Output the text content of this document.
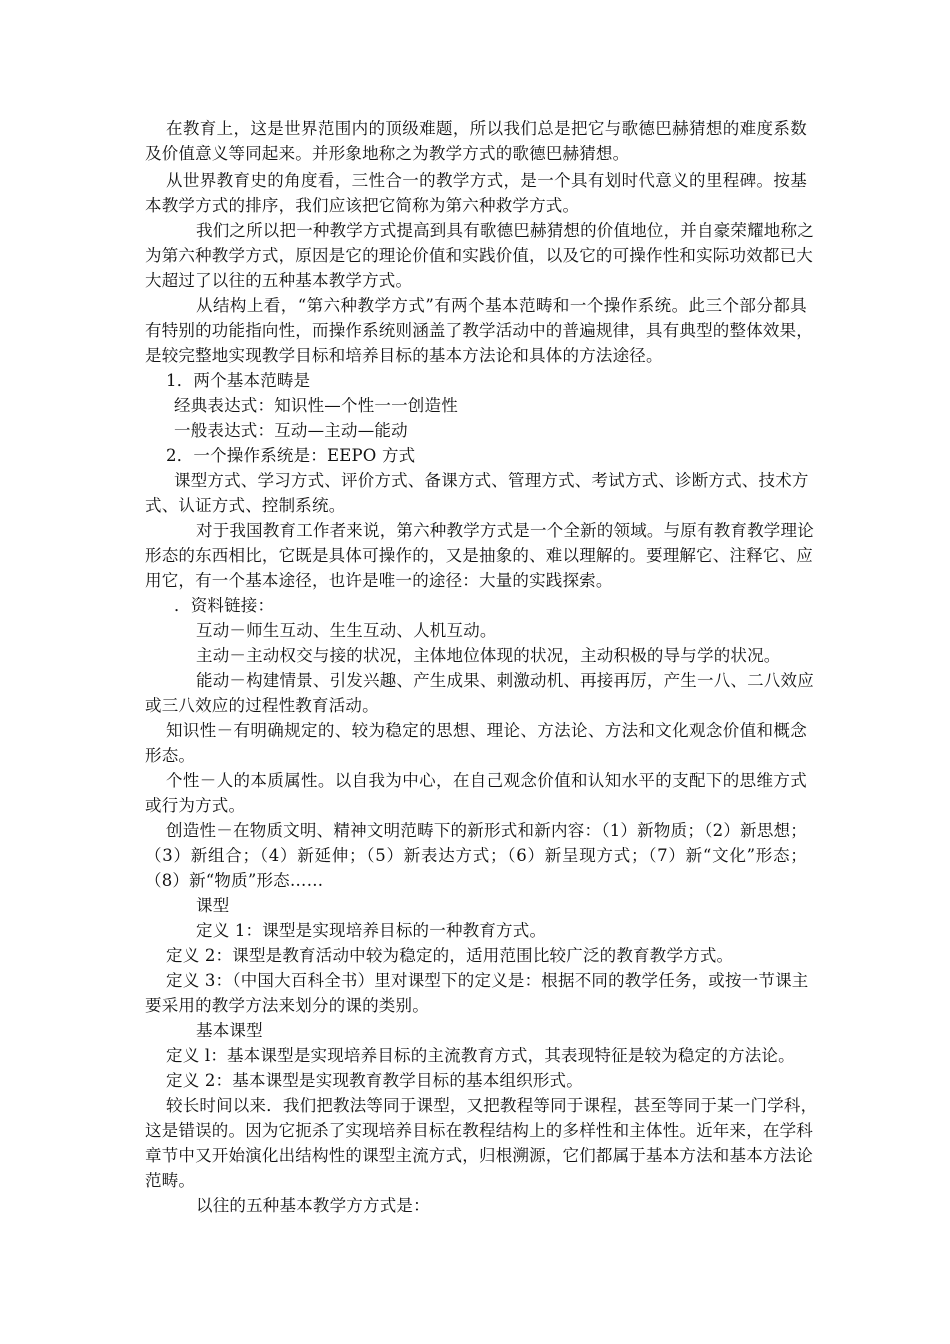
在教育上，这是世界范围内的顶级难题，所以我们总是把它与歌德巴赫猜想的难度系数
及价值意义等同起来。并形象地称之为教学方式的歌德巴赫猜想。
从世界教育史的角度看，三性合一的教学方式，是一个具有划时代意义的里程碑。按基
本教学方式的排序，我们应该把它简称为第六种救学方式。
我们之所以把一种教学方式提高到具有歌德巴赫猜想的价值地位，并自豪荣耀地称之
为第六种教学方式，原因是它的理论价值和实践价值，以及它的可操作性和实际功效都已大
大超过了以往的五种基本教学方式。
从结构上看，“第六种教学方式”有两个基本范畴和一个操作系统。此三个部分都具
有特别的功能指向性，而操作系统则涵盖了教学活动中的普遍规律，具有典型的整体效果，
是较完整地实现教学目标和培养目标的基本方法论和具体的方法途径。
1．两个基本范畴是
经典表达式：知识性—个性一一创造性
一般表达式：互动—主动—能动
2．一个操作系统是：EEPO 方式
课型方式、学习方式、评价方式、备课方式、管理方式、考试方式、诊断方式、技术方
式、认证方式、控制系统。
对于我国教育工作者来说，第六种教学方式是一个全新的领域。与原有教育教学理论
形态的东西相比，它既是具体可操作的，又是抽象的、难以理解的。要理解它、注释它、应
用它，有一个基本途径，也许是唯一的途径：大量的实践探索。
．资料链接：
互动－师生互动、生生互动、人机互动。
主动－主动权交与接的状况，主体地位体现的状况，主动积极的导与学的状况。
能动－构建情景、引发兴趣、产生成果、刺激动机、再接再厉，产生一八、二八效应
或三八效应的过程性教育活动。
知识性－有明确规定的、较为稳定的思想、理论、方法论、方法和文化观念价值和概念
形态。
个性－人的本质属性。以自我为中心，在自己观念价值和认知水平的支配下的思维方式
或行为方式。
创造性－在物质文明、精神文明范畴下的新形式和新内容：（1）新物质；（2）新思想；
（3）新组合；（4）新延伸；（5）新表达方式；（6）新呈现方式；（7）新“文化”形态；
（8）新“物质”形态……
课型
定义 1：课型是实现培养目标的一种教育方式。
定义 2：课型是教育活动中较为稳定的，适用范围比较广泛的教育教学方式。
定义 3：（中国大百科全书）里对课型下的定义是：根据不同的教学任务，或按一节课主
要采用的教学方法来划分的课的类别。
基本课型
定义 l：基本课型是实现培养目标的主流教育方式，其表现特征是较为稳定的方法论。
定义 2：基本课型是实现教育教学目标的基本组织形式。
较长时间以来．我们把教法等同于课型，又把教程等同于课程，甚至等同于某一门学科，
这是错误的。因为它扼杀了实现培养目标在教程结构上的多样性和主体性。近年来，在学科
章节中又开始演化出结构性的课型主流方式，归根溯源，它们都属于基本方法和基本方法论
范畴。
以往的五种基本教学方方式是：
